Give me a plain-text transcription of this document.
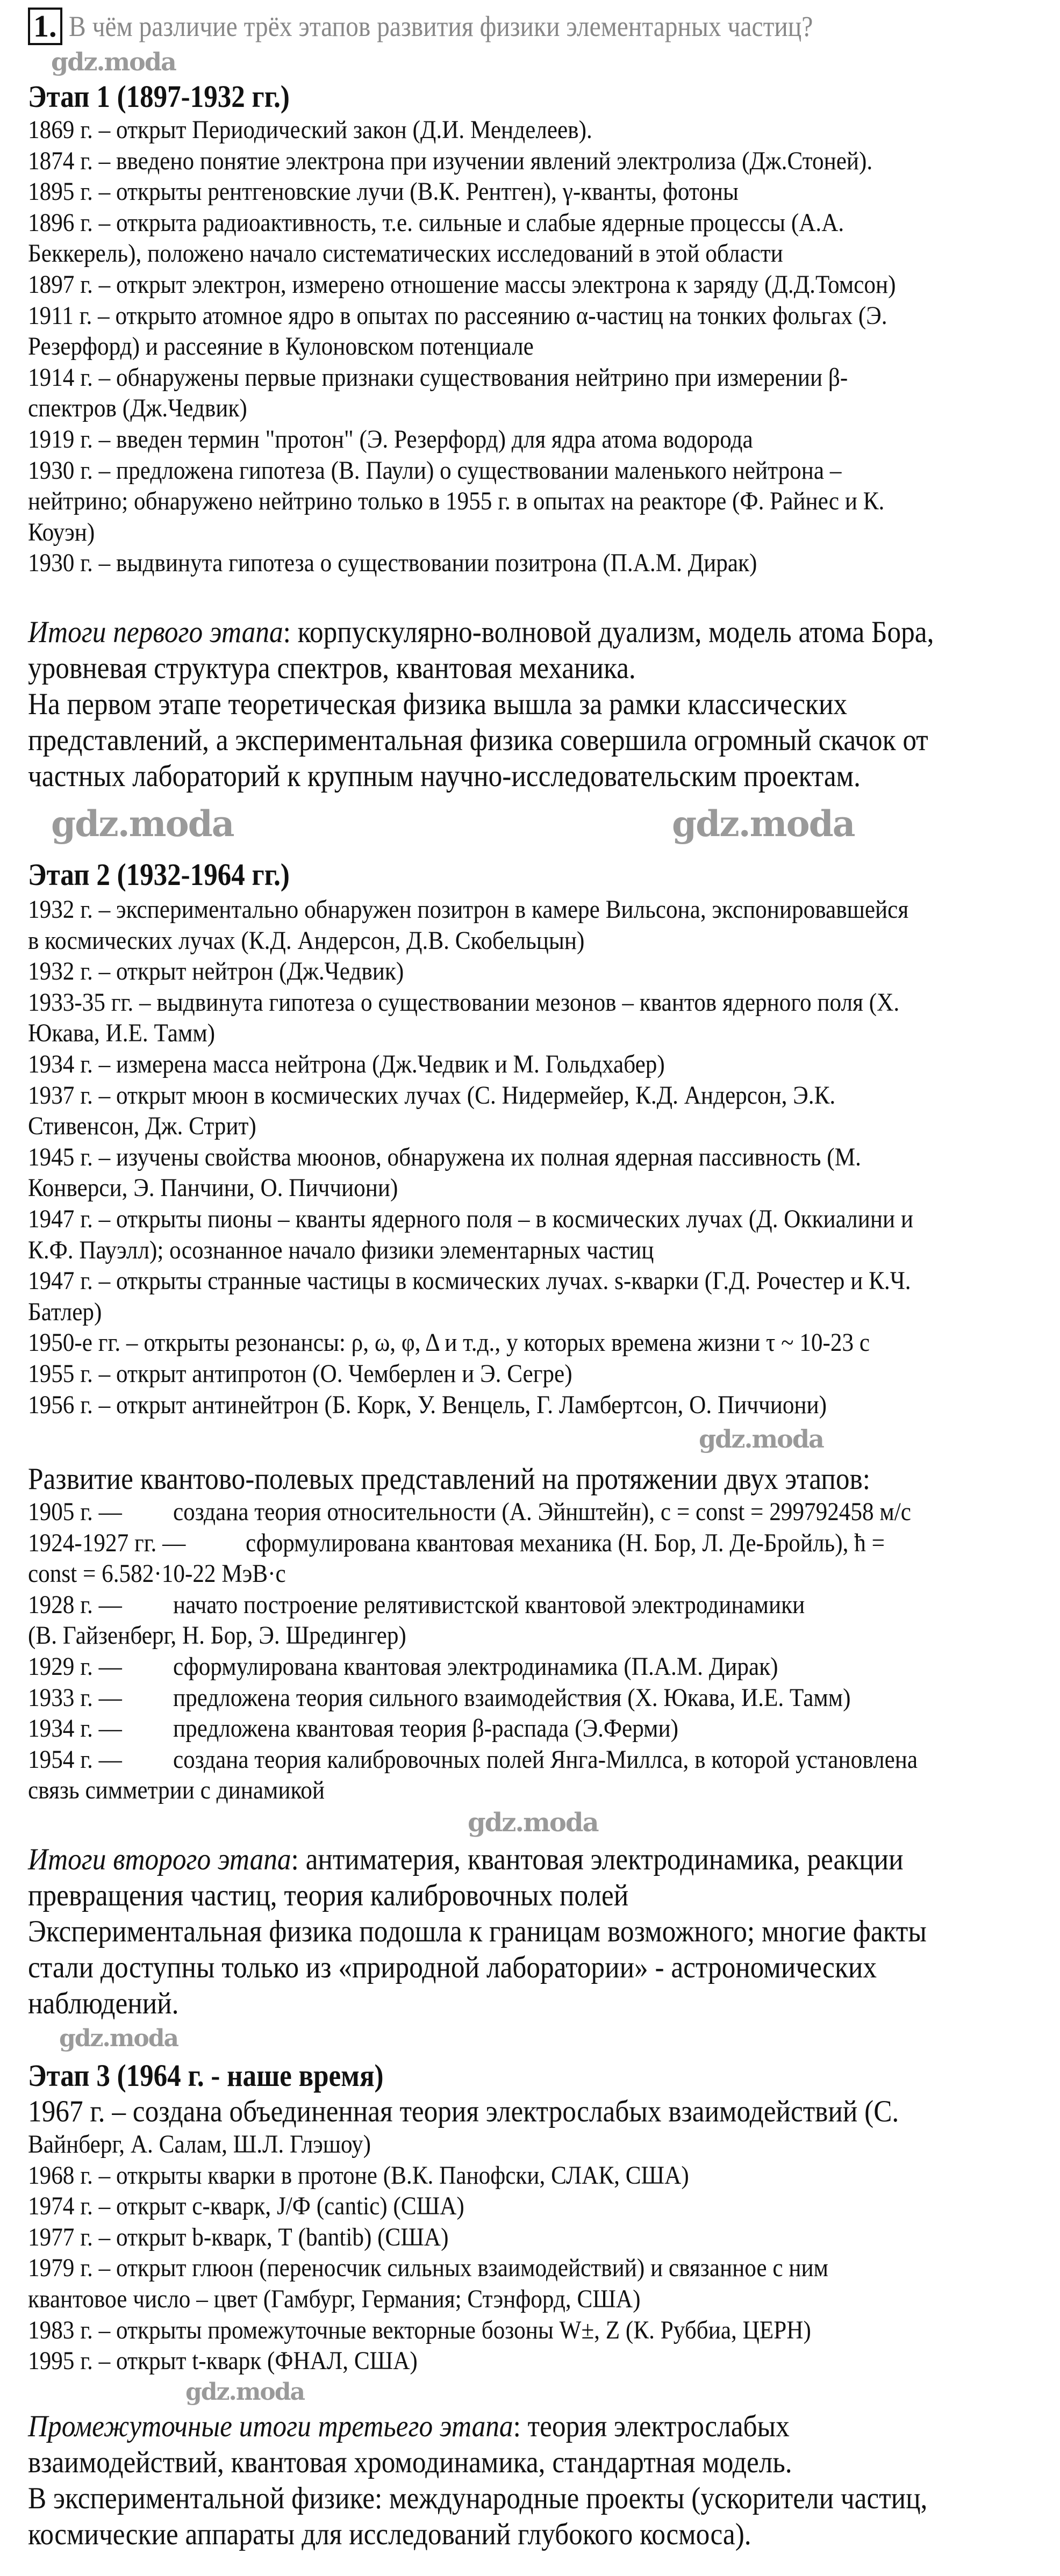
1. В чём различие трёх этапов развития физики элементарных частиц?
Этап 1 (1897-1932 гг.)
1869 г. – открыт Периодический закон (Д.И. Менделеев).
1874 г. – введено понятие электрона при изучении явлений электролиза (Дж.Стоней).
1895 г. – открыты рентгеновские лучи (В.К. Рентген), γ-кванты, фотоны
1896 г. – открыта радиоактивность, т.е. сильные и слабые ядерные процессы (А.А.
Беккерель), положено начало систематических исследований в этой области
1897 г. – открыт электрон, измерено отношение массы электрона к заряду (Д.Д.Томсон)
1911 г. – открыто атомное ядро в опытах по рассеянию α-частиц на тонких фольгах (Э.
Резерфорд) и рассеяние в Кулоновском потенциале
1914 г. – обнаружены первые признаки существования нейтрино при измерении β-
спектров (Дж.Чедвик)
1919 г. – введен термин "протон" (Э. Резерфорд) для ядра атома водорода
1930 г. – предложена гипотеза (В. Паули) о существовании маленького нейтрона –
нейтрино; обнаружено нейтрино только в 1955 г. в опытах на реакторе (Ф. Райнес и К.
Коуэн)
1930 г. – выдвинута гипотеза о существовании позитрона (П.А.М. Дирак)
Итоги первого этапа: корпускулярно-волновой дуализм, модель атома Бора,
уровневая структура спектров, квантовая механика.
На первом этапе теоретическая физика вышла за рамки классических
представлений, а экспериментальная физика совершила огромный скачок от
частных лабораторий к крупным научно-исследовательским проектам.
Этап 2 (1932-1964 гг.)
1932 г. – экспериментально обнаружен позитрон в камере Вильсона, экспонировавшейся
в космических лучах (К.Д. Андерсон, Д.В. Скобельцын)
1932 г. – открыт нейтрон (Дж.Чедвик)
1933-35 гг. – выдвинута гипотеза о существовании мезонов – квантов ядерного поля (Х.
Юкава, И.Е. Тамм)
1934 г. – измерена масса нейтрона (Дж.Чедвик и М. Гольдхабер)
1937 г. – открыт мюон в космических лучах (С. Нидермейер, К.Д. Андерсон, Э.К.
Стивенсон, Дж. Стрит)
1945 г. – изучены свойства мюонов, обнаружена их полная ядерная пассивность (М.
Конверси, Э. Панчини, О. Пиччиони)
1947 г. – открыты пионы – кванты ядерного поля – в космических лучах (Д. Оккиалини и
К.Ф. Пауэлл); осознанное начало физики элементарных частиц
1947 г. – открыты странные частицы в космических лучах. s-кварки (Г.Д. Рочестер и К.Ч.
Батлер)
1950-е гг. – открыты резонансы: ρ, ω, φ, Δ и т.д., у которых времена жизни τ ~ 10-23 с
1955 г. – открыт антипротон (О. Чемберлен и Э. Сегре)
1956 г. – открыт антинейтрон (Б. Корк, У. Венцель, Г. Ламбертсон, О. Пиччиони)
Развитие квантово-полевых представлений на протяжении двух этапов:
1905 г. — создана теория относительности (А. Эйнштейн), c = const = 299792458 м/с
1924-1927 гг. — сформулирована квантовая механика (Н. Бор, Л. Де-Бройль), ħ =
const = 6.582·10-22 МэВ·с
1928 г. — начато построение релятивистской квантовой электродинамики
(В. Гайзенберг, Н. Бор, Э. Шредингер)
1929 г. — сформулирована квантовая электродинамика (П.А.М. Дирак)
1933 г. — предложена теория сильного взаимодействия (Х. Юкава, И.Е. Тамм)
1934 г. — предложена квантовая теория β-распада (Э.Ферми)
1954 г. — создана теория калибровочных полей Янга-Миллса, в которой установлена
связь симметрии с динамикой
Итоги второго этапа: антиматерия, квантовая электродинамика, реакции
превращения частиц, теория калибровочных полей
Экспериментальная физика подошла к границам возможного; многие факты
стали доступны только из «природной лаборатории» - астрономических
наблюдений.
Этап 3 (1964 г. - наше время)
1967 г. – создана объединенная теория электрослабых взаимодействий (С.
Вайнберг, А. Салам, Ш.Л. Глэшоу)
1968 г. – открыты кварки в протоне (В.К. Панофски, СЛАК, США)
1974 г. – открыт c-кварк, J/Ф (cantic) (США)
1977 г. – открыт b-кварк, Т (bantib) (США)
1979 г. – открыт глюон (переносчик сильных взаимодействий) и связанное с ним
квантовое число – цвет (Гамбург, Германия; Стэнфорд, США)
1983 г. – открыты промежуточные векторные бозоны W±, Z (К. Руббиа, ЦЕРН)
1995 г. – открыт t-кварк (ФНАЛ, США)
Промежуточные итоги третьего этапа: теория электрослабых
взаимодействий, квантовая хромодинамика, стандартная модель.
В экспериментальной физике: международные проекты (ускорители частиц,
космические аппараты для исследований глубокого космоса).
gdz.moda
gdz.moda	gdz.moda
gdz.moda
gdz.moda
gdz.moda
gdz.moda
